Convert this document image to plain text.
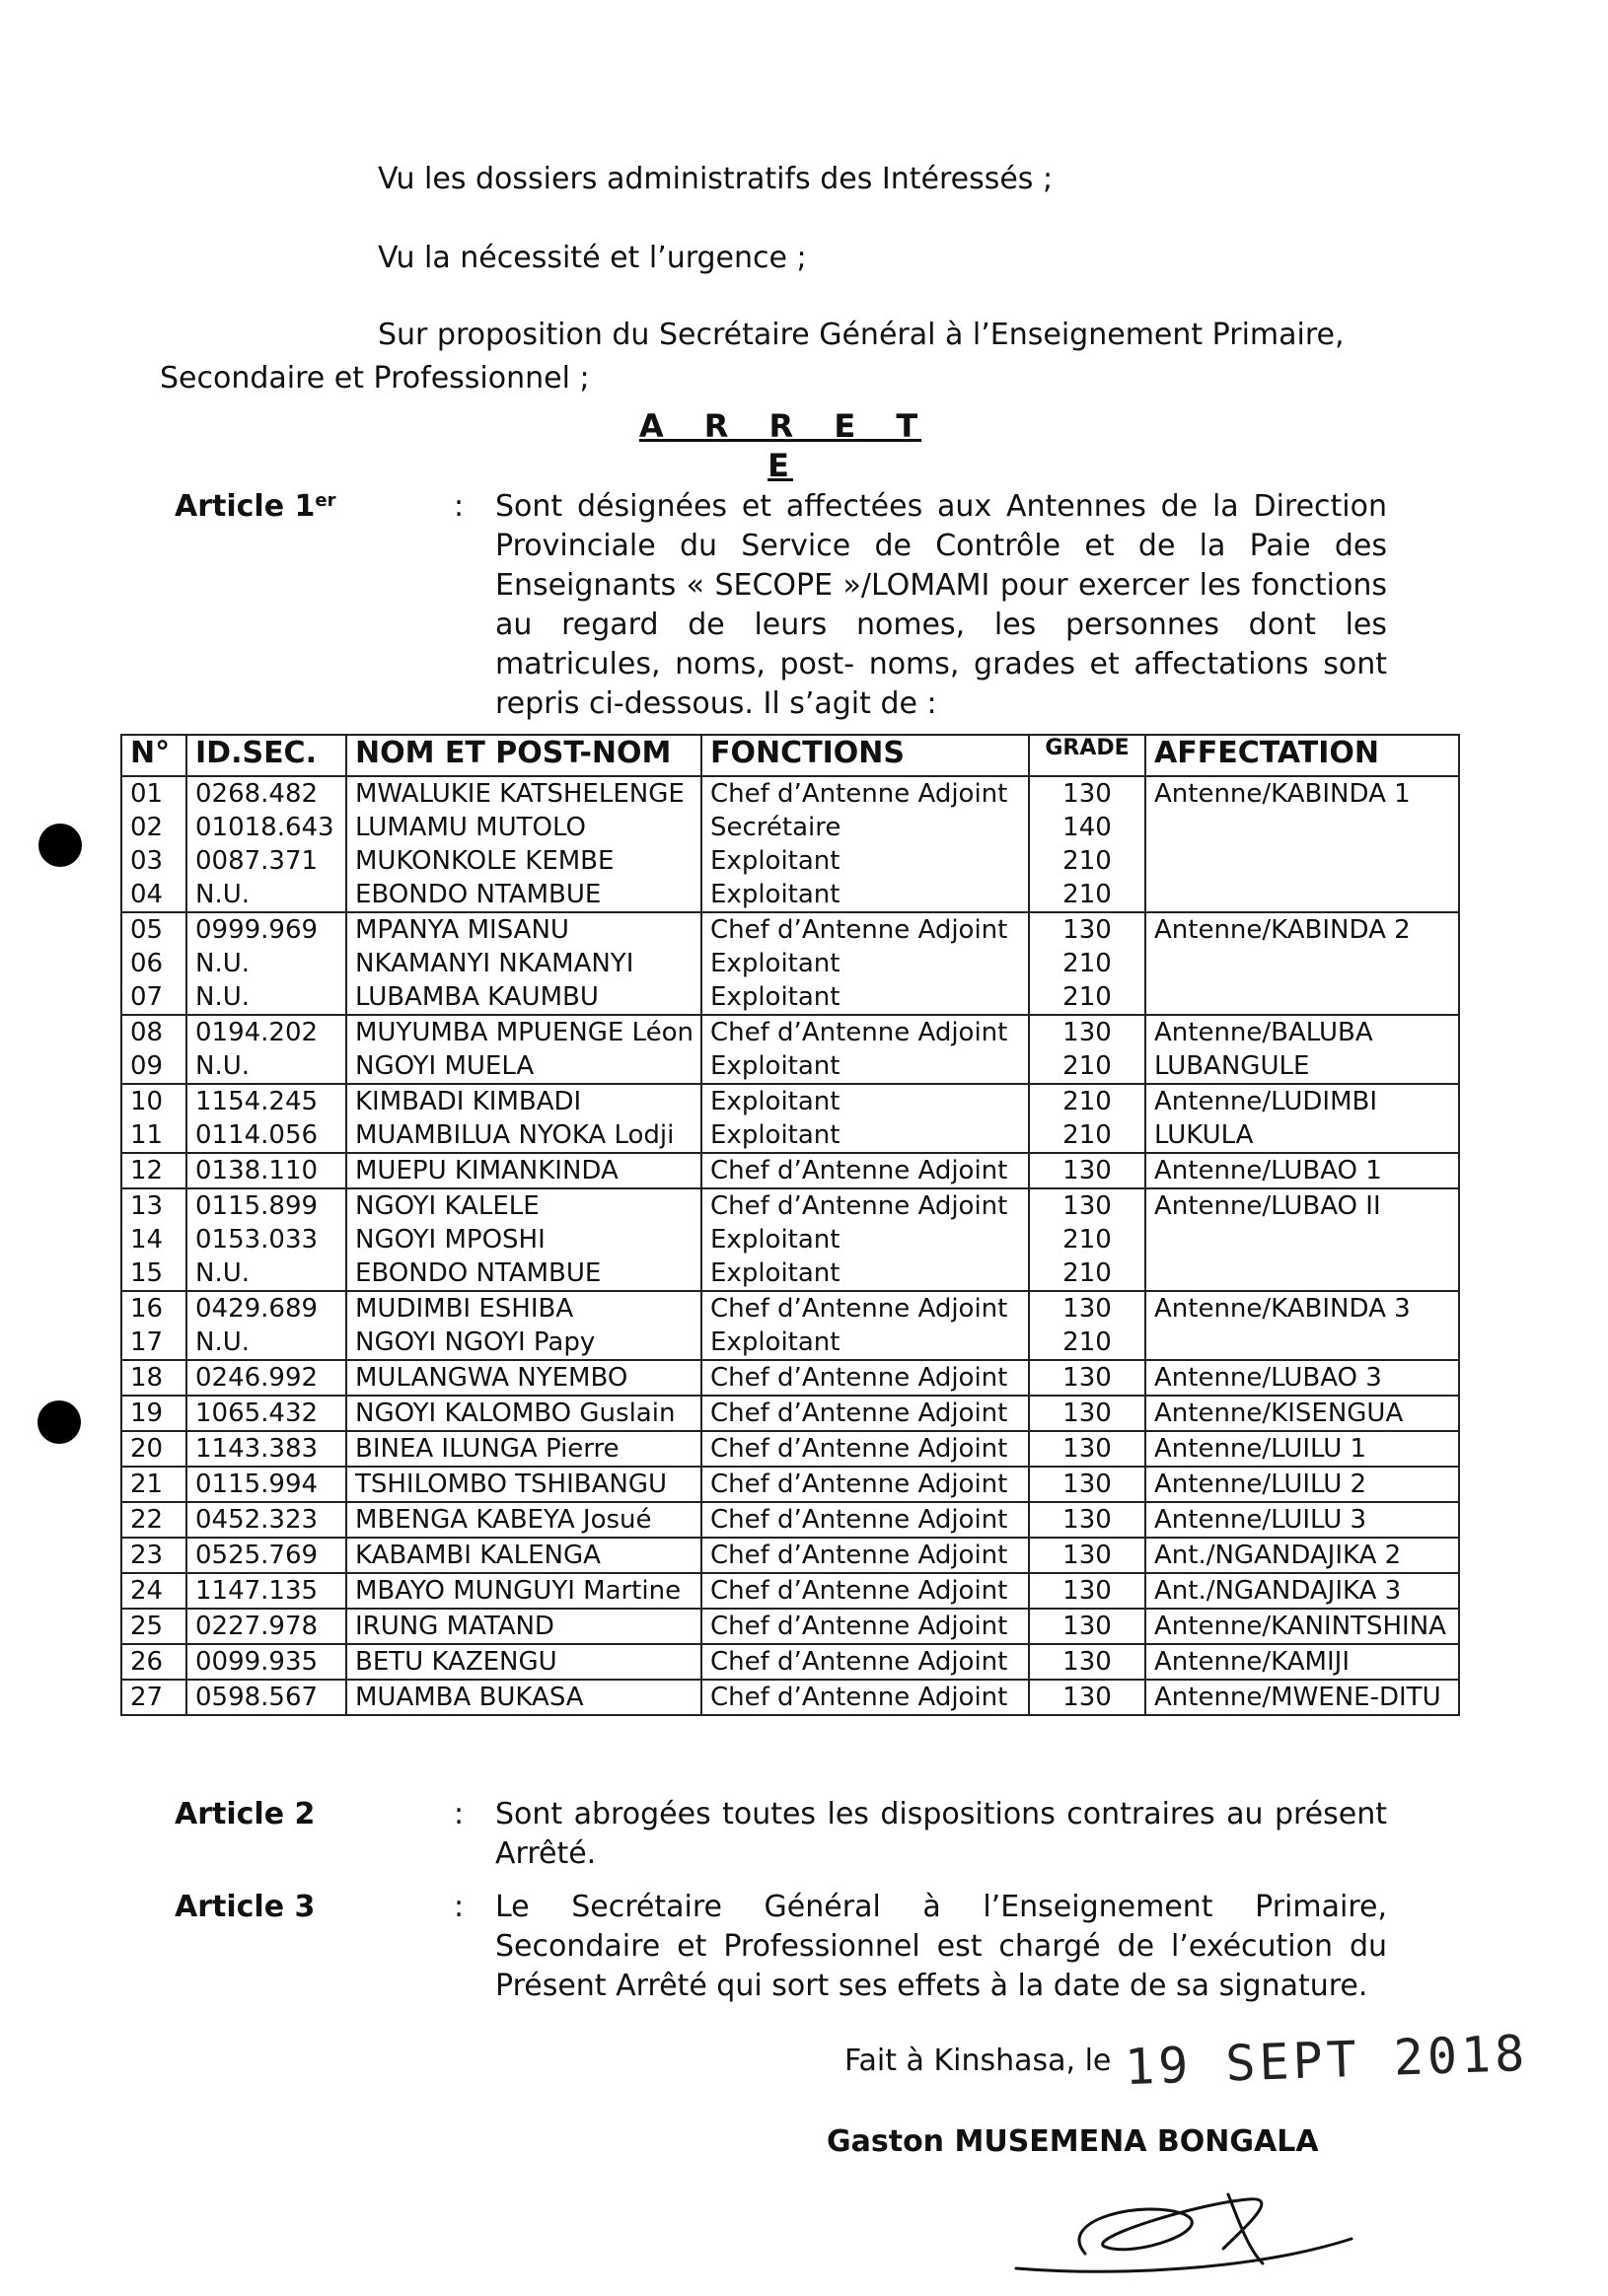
Vu les dossiers administratifs des Intéressés ;
Vu la nécessité et l’urgence ;
Sur proposition du Secrétaire Général à l’Enseignement Primaire,
Secondaire et Professionnel ;
A R R E T E
Article 1er	: Sont désignées et affectées aux Antennes de la Direction Provinciale du Service de Contrôle et de la Paie des Enseignants « SECOPE »/LOMAMI pour exercer les fonctions au regard de leurs nomes, les personnes dont les matricules, noms, post- noms, grades et affectations sont repris ci-dessous. Il s’agit de :
N°	ID.SEC.	NOM ET POST-NOM	FONCTIONS	GRADE	AFFECTATION
01	0268.482	MWALUKIE KATSHELENGE	Chef d’Antenne Adjoint	130	Antenne/KABINDA 1
02	01018.643	LUMAMU MUTOLO	Secrétaire	140	
03	0087.371	MUKONKOLE KEMBE	Exploitant	210	
04	N.U.	EBONDO NTAMBUE	Exploitant	210	
05	0999.969	MPANYA MISANU	Chef d’Antenne Adjoint	130	Antenne/KABINDA 2
06	N.U.	NKAMANYI NKAMANYI	Exploitant	210	
07	N.U.	LUBAMBA KAUMBU	Exploitant	210	
08	0194.202	MUYUMBA MPUENGE Léon	Chef d’Antenne Adjoint	130	Antenne/BALUBA LUBANGULE
09	N.U.	NGOYI MUELA	Exploitant	210	
10	1154.245	KIMBADI KIMBADI	Exploitant	210	Antenne/LUDIMBI LUKULA
11	0114.056	MUAMBILUA NYOKA Lodji	Exploitant	210	
12	0138.110	MUEPU KIMANKINDA	Chef d’Antenne Adjoint	130	Antenne/LUBAO 1
13	0115.899	NGOYI KALELE	Chef d’Antenne Adjoint	130	Antenne/LUBAO II
14	0153.033	NGOYI MPOSHI	Exploitant	210	
15	N.U.	EBONDO NTAMBUE	Exploitant	210	
16	0429.689	MUDIMBI ESHIBA	Chef d’Antenne Adjoint	130	Antenne/KABINDA 3
17	N.U.	NGOYI NGOYI Papy	Exploitant	210	
18	0246.992	MULANGWA NYEMBO	Chef d’Antenne Adjoint	130	Antenne/LUBAO 3
19	1065.432	NGOYI KALOMBO Guslain	Chef d’Antenne Adjoint	130	Antenne/KISENGUA
20	1143.383	BINEA ILUNGA Pierre	Chef d’Antenne Adjoint	130	Antenne/LUILU 1
21	0115.994	TSHILOMBO TSHIBANGU	Chef d’Antenne Adjoint	130	Antenne/LUILU 2
22	0452.323	MBENGA KABEYA Josué	Chef d’Antenne Adjoint	130	Antenne/LUILU 3
23	0525.769	KABAMBI KALENGA	Chef d’Antenne Adjoint	130	Ant./NGANDAJIKA 2
24	1147.135	MBAYO MUNGUYI Martine	Chef d’Antenne Adjoint	130	Ant./NGANDAJIKA 3
25	0227.978	IRUNG MATAND	Chef d’Antenne Adjoint	130	Antenne/KANINTSHINA
26	0099.935	BETU KAZENGU	Chef d’Antenne Adjoint	130	Antenne/KAMIJI
27	0598.567	MUAMBA BUKASA	Chef d’Antenne Adjoint	130	Antenne/MWENE-DITU
Article 2	: Sont abrogées toutes les dispositions contraires au présent Arrêté.
Article 3	: Le Secrétaire Général à l’Enseignement Primaire, Secondaire et Professionnel est chargé de l’exécution du Présent Arrêté qui sort ses effets à la date de sa signature.
Fait à Kinshasa, le 19 SEPT 2018
Gaston MUSEMENA BONGALA
